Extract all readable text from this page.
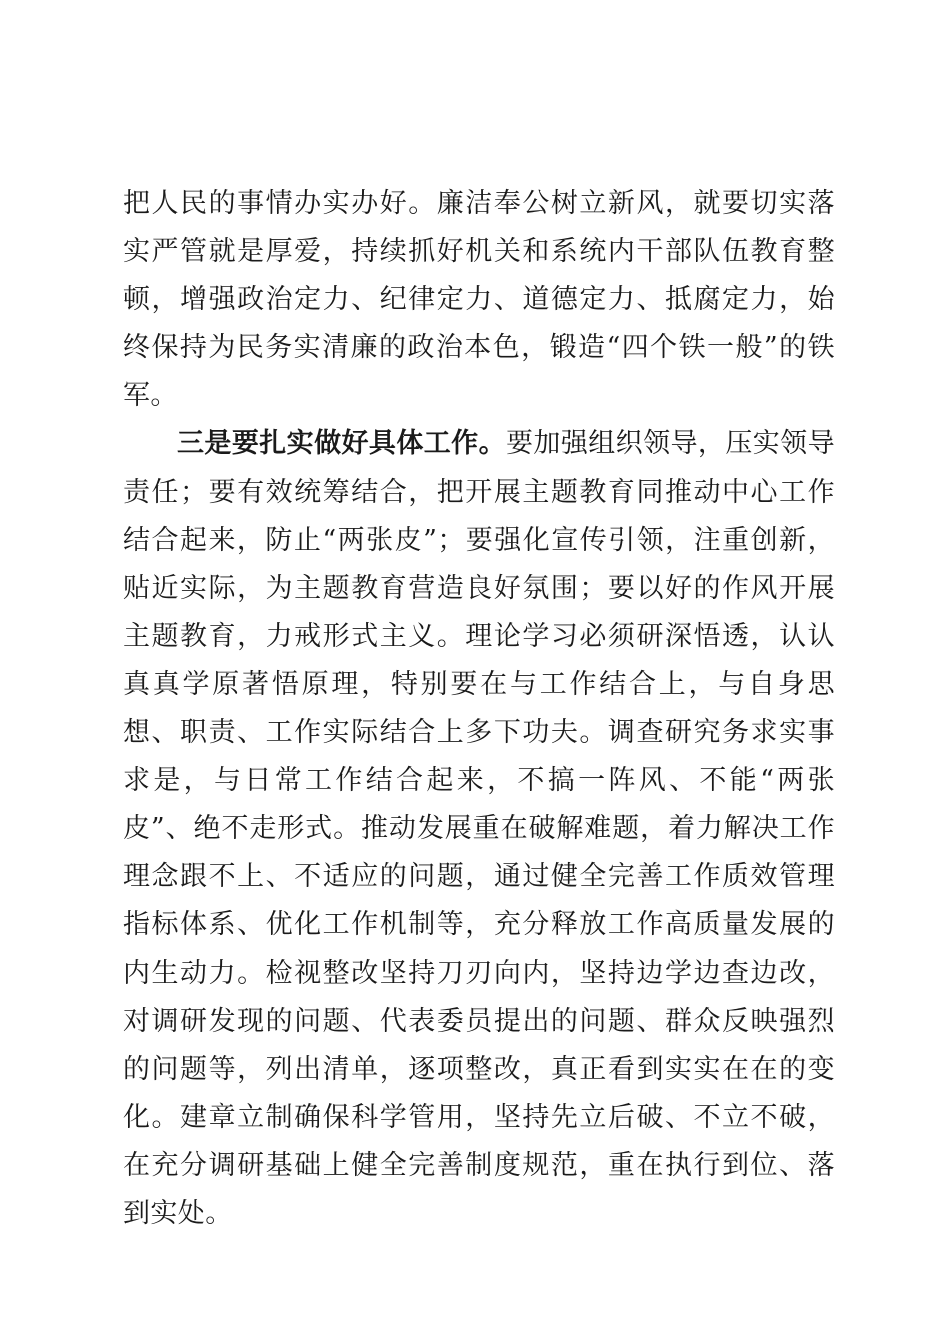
把人民的事情办实办好。廉洁奉公树立新风，就要切实落实严管就是厚爱，持续抓好机关和系统内干部队伍教育整顿，增强政治定力、纪律定力、道德定力、抵腐定力，始终保持为民务实清廉的政治本色，锻造“四个铁一般”的铁军。

三是要扎实做好具体工作。要加强组织领导，压实领导责任；要有效统筹结合，把开展主题教育同推动中心工作结合起来，防止“两张皮”；要强化宣传引领，注重创新，贴近实际，为主题教育营造良好氛围；要以好的作风开展主题教育，力戒形式主义。理论学习必须研深悟透，认认真真学原著悟原理，特别要在与工作结合上，与自身思想、职责、工作实际结合上多下功夫。调查研究务求实事求是，与日常工作结合起来，不搞一阵风、不能“两张皮”、绝不走形式。推动发展重在破解难题，着力解决工作理念跟不上、不适应的问题，通过健全完善工作质效管理指标体系、优化工作机制等，充分释放工作高质量发展的内生动力。检视整改坚持刀刃向内，坚持边学边查边改，对调研发现的问题、代表委员提出的问题、群众反映强烈的问题等，列出清单，逐项整改，真正看到实实在在的变化。建章立制确保科学管用，坚持先立后破、不立不破，在充分调研基础上健全完善制度规范，重在执行到位、落到实处。
